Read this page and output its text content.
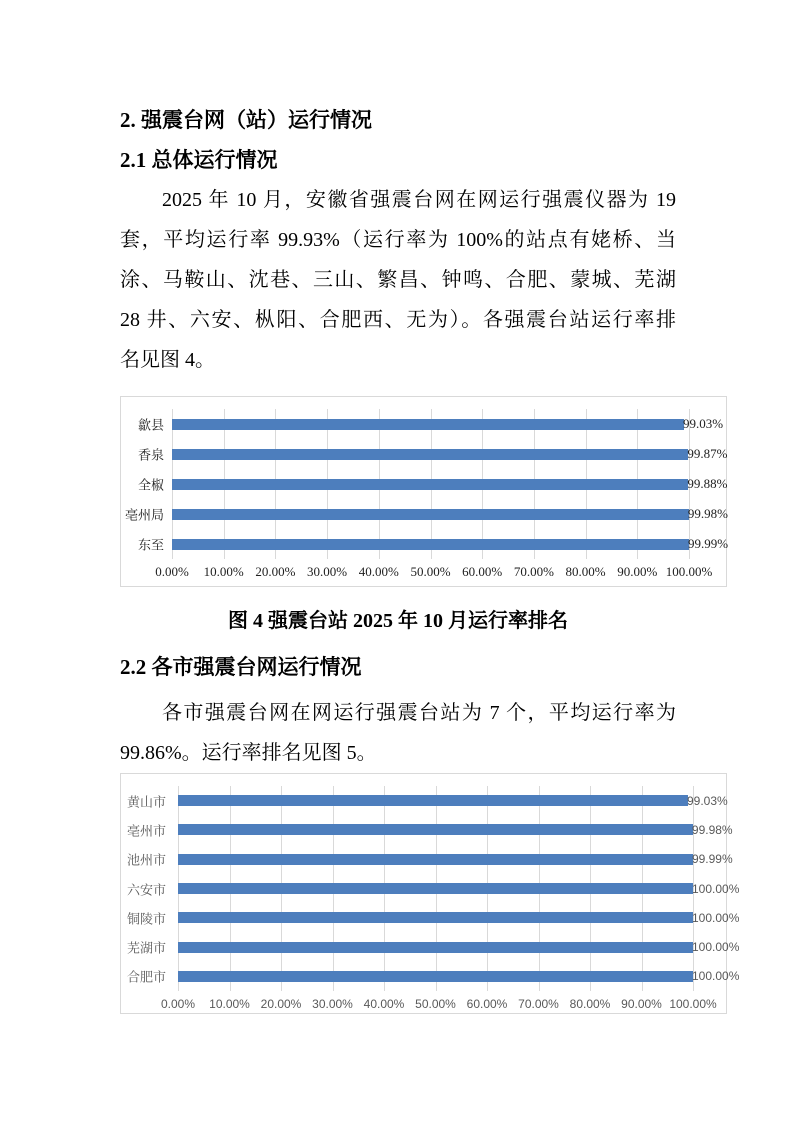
2. 强震台网（站）运行情况
2.1 总体运行情况
2025 年 10 月，安徽省强震台网在网运行强震仪器为 19
套，平均运行率 99.93%（运行率为 100%的站点有姥桥、当
涂、马鞍山、沈巷、三山、繁昌、钟鸣、合肥、蒙城、芜湖
28 井、六安、枞阳、合肥西、无为）。各强震台站运行率排
名见图 4。
0.00% 10.00% 20.00% 30.00% 40.00% 50.00% 60.00% 70.00% 80.00% 90.00% 100.00%
歙县
香泉
全椒
亳州局
东至
99.03%
99.87%
99.88%
99.98%
99.99%
图 4 强震台站 2025 年 10 月运行率排名
2.2 各市强震台网运行情况
各市强震台网在网运行强震台站为 7 个，平均运行率为
99.86%。运行率排名见图 5。
0.00% 10.00% 20.00% 30.00% 40.00% 50.00% 60.00% 70.00% 80.00% 90.00% 100.00%
黄山市
亳州市
池州市
六安市
铜陵市
芜湖市
合肥市
99.03%
99.98%
99.99%
100.00%
100.00%
100.00%
100.00%
